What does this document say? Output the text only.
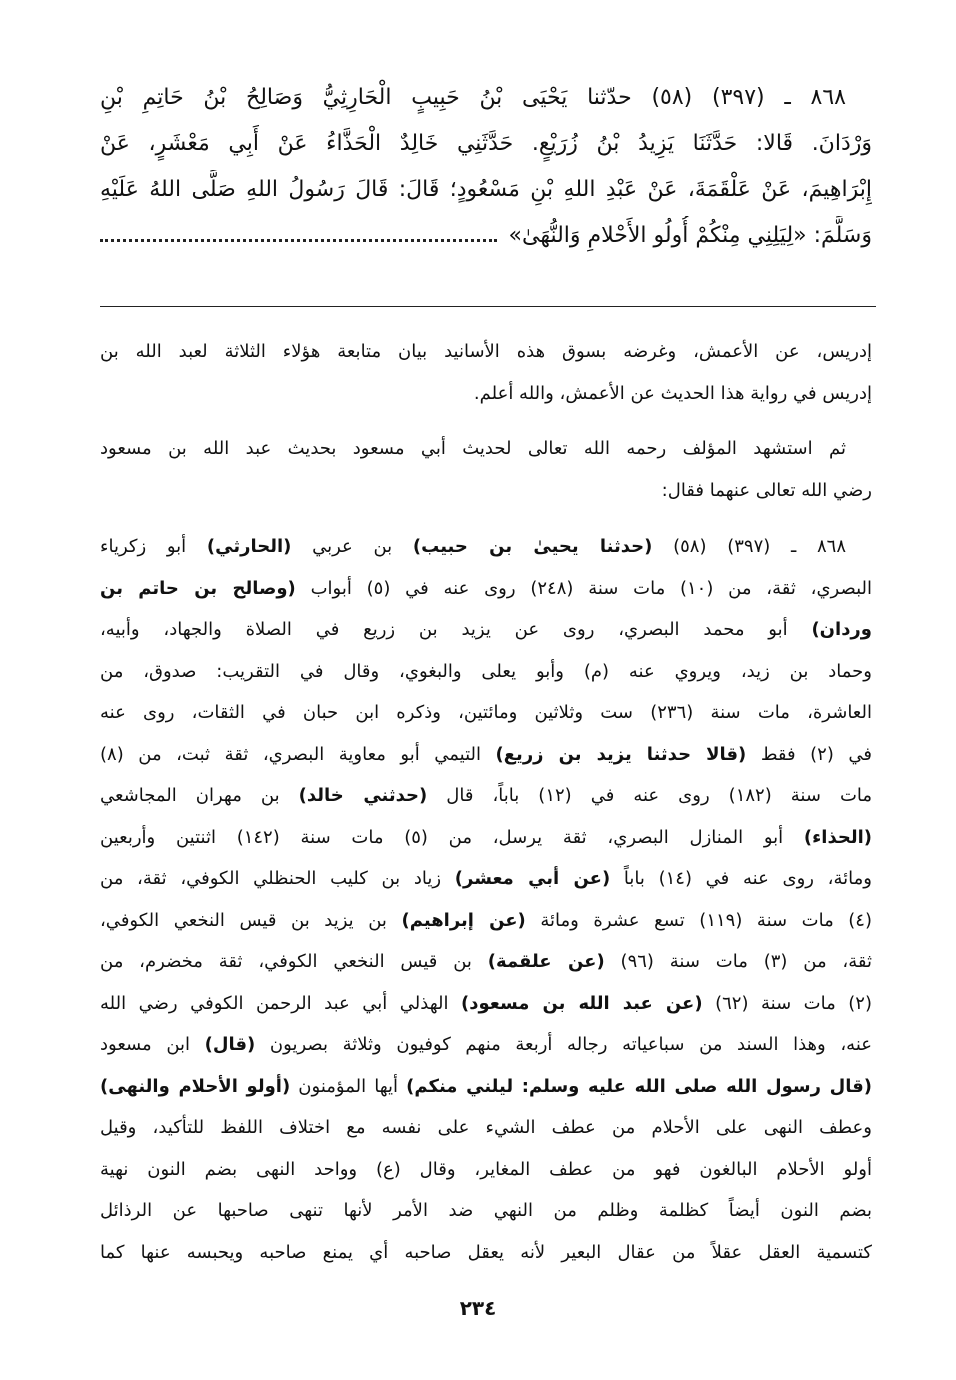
٨٦٨ ـ (٣٩٧) (٥٨) حدّثنا يَحْيَى بْنُ حَبِيبٍ الْحَارِثِيُّ وَصَالِحُ بْنُ حَاتِمِ بْنِ
وَرْدَانَ. قَالا: حَدَّثَنَا يَزِيدُ بْنُ زُرَيْعٍ. حَدَّثَنِي خَالِدٌ الْحَذَّاءُ عَنْ أَبِي مَعْشَرٍ، عَنْ
إِبْرَاهِيمَ، عَنْ عَلْقَمَةَ، عَنْ عَبْدِ اللهِ بْنِ مَسْعُودٍ؛ قَالَ: قَالَ رَسُولُ اللهِ صَلَّى اللهُ عَلَيْهِ
وَسَلَّمَ: «لِيَلِنِي مِنْكُمْ أُولُو الأَحْلامِ وَالنُّهَىٰ»
إدريس، عن الأعمش، وغرضه بسوق هذه الأسانيد بيان متابعة هؤلاء الثلاثة لعبد الله بن
إدريس في رواية هذا الحديث عن الأعمش، والله أعلم.
ثم استشهد المؤلف رحمه الله تعالى لحديث أبي مسعود بحديث عبد الله بن مسعود
رضي الله تعالى عنهما فقال:
٨٦٨ ـ (٣٩٧) (٥٨) (حدثنا يحيىٰ بن حبيب) بن عربي (الحارثي) أبو زكرياء
البصري، ثقة، من (١٠) مات سنة (٢٤٨) روى عنه في (٥) أبواب (وصالح بن حاتم بن
وردان) أبو محمد البصري، روى عن يزيد بن زريع في الصلاة والجهاد، وأبيه،
وحماد بن زيد، ويروي عنه (م) وأبو يعلى والبغوي، وقال في التقريب: صدوق، من
العاشرة، مات سنة (٢٣٦) ست وثلاثين ومائتين، وذكره ابن حبان في الثقات، روى عنه
في (٢) فقط (قالا حدثنا يزيد بن زريع) التيمي أبو معاوية البصري، ثقة ثبت، من (٨)
مات سنة (١٨٢) روى عنه في (١٢) باباً، قال (حدثني خالد) بن مهران المجاشعي
(الحذاء) أبو المنازل البصري، ثقة يرسل، من (٥) مات سنة (١٤٢) اثنتين وأربعين
ومائة، روى عنه في (١٤) باباً (عن أبي معشر) زياد بن كليب الحنظلي الكوفي، ثقة، من
(٤) مات سنة (١١٩) تسع عشرة ومائة (عن إبراهيم) بن يزيد بن قيس النخعي الكوفي،
ثقة، من (٣) مات سنة (٩٦) (عن علقمة) بن قيس النخعي الكوفي، ثقة مخضرم، من
(٢) مات سنة (٦٢) (عن عبد الله بن مسعود) الهذلي أبي عبد الرحمن الكوفي رضي الله
عنه، وهذا السند من سباعياته رجاله أربعة منهم كوفيون وثلاثة بصريون (قال) ابن مسعود
(قال رسول الله صلى الله عليه وسلم: ليلني منكم) أيها المؤمنون (أولو الأحلام والنهى)
وعطف النهى على الأحلام من عطف الشيء على نفسه مع اختلاف اللفظ للتأكيد، وقيل
أولو الأحلام البالغون فهو من عطف المغاير، وقال (ع) وواحد النهى بضم النون نهية
بضم النون أيضاً كظلمة وظلم من النهي ضد الأمر لأنها تنهى صاحبها عن الرذائل
كتسمية العقل عقلاً من عقال البعير لأنه يعقل صاحبه أي يمنع صاحبه ويحبسه عنها كما
٢٣٤
